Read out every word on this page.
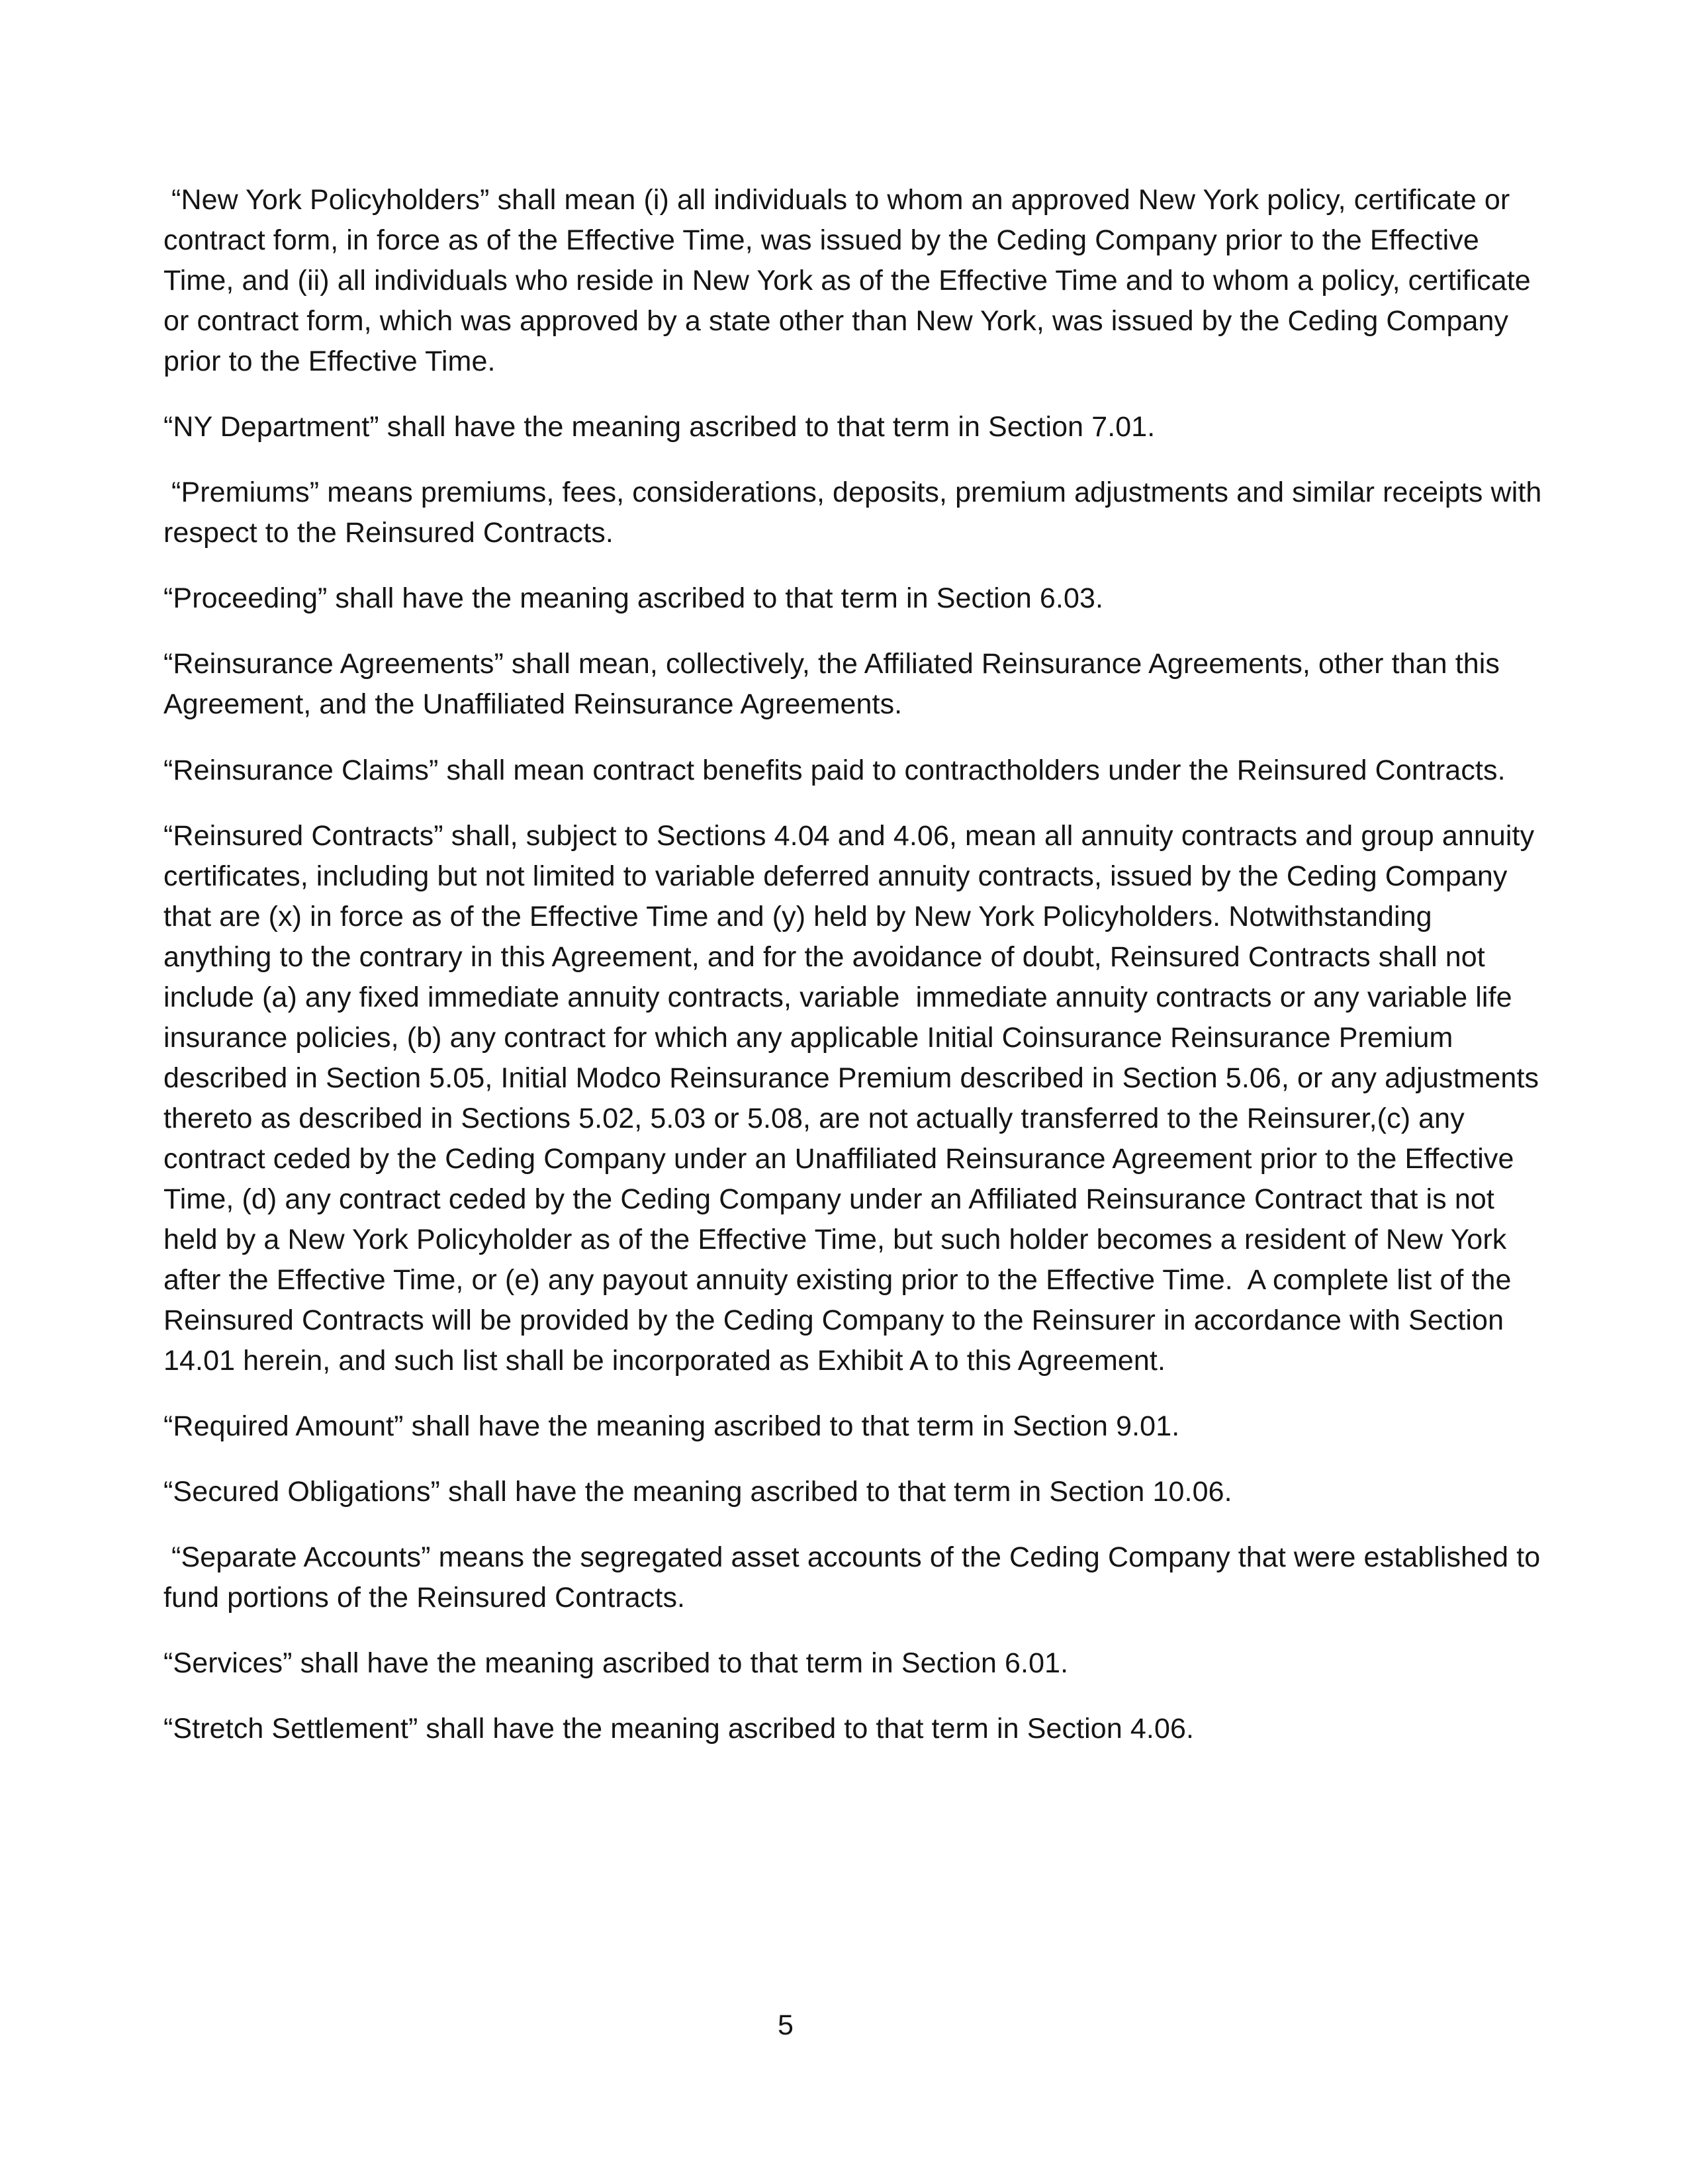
“New York Policyholders” shall mean (i) all individuals to whom an approved New York policy, certificate or contract form, in force as of the Effective Time, was issued by the Ceding Company prior to the Effective Time, and (ii) all individuals who reside in New York as of the Effective Time and to whom a policy, certificate or contract form, which was approved by a state other than New York, was issued by the Ceding Company prior to the Effective Time.

“NY Department” shall have the meaning ascribed to that term in Section 7.01.

“Premiums” means premiums, fees, considerations, deposits, premium adjustments and similar receipts with respect to the Reinsured Contracts.

“Proceeding” shall have the meaning ascribed to that term in Section 6.03.

“Reinsurance Agreements” shall mean, collectively, the Affiliated Reinsurance Agreements, other than this Agreement, and the Unaffiliated Reinsurance Agreements.

“Reinsurance Claims” shall mean contract benefits paid to contractholders under the Reinsured Contracts.

“Reinsured Contracts” shall, subject to Sections 4.04 and 4.06, mean all annuity contracts and group annuity certificates, including but not limited to variable deferred annuity contracts, issued by the Ceding Company that are (x) in force as of the Effective Time and (y) held by New York Policyholders. Notwithstanding anything to the contrary in this Agreement, and for the avoidance of doubt, Reinsured Contracts shall not include (a) any fixed immediate annuity contracts, variable  immediate annuity contracts or any variable life insurance policies, (b) any contract for which any applicable Initial Coinsurance Reinsurance Premium described in Section 5.05, Initial Modco Reinsurance Premium described in Section 5.06, or any adjustments thereto as described in Sections 5.02, 5.03 or 5.08, are not actually transferred to the Reinsurer,(c) any contract ceded by the Ceding Company under an Unaffiliated Reinsurance Agreement prior to the Effective Time, (d) any contract ceded by the Ceding Company under an Affiliated Reinsurance Contract that is not held by a New York Policyholder as of the Effective Time, but such holder becomes a resident of New York after the Effective Time, or (e) any payout annuity existing prior to the Effective Time.  A complete list of the Reinsured Contracts will be provided by the Ceding Company to the Reinsurer in accordance with Section 14.01 herein, and such list shall be incorporated as Exhibit A to this Agreement.

“Required Amount” shall have the meaning ascribed to that term in Section 9.01.

“Secured Obligations” shall have the meaning ascribed to that term in Section 10.06.

“Separate Accounts” means the segregated asset accounts of the Ceding Company that were established to fund portions of the Reinsured Contracts.

“Services” shall have the meaning ascribed to that term in Section 6.01.

“Stretch Settlement” shall have the meaning ascribed to that term in Section 4.06.

5
